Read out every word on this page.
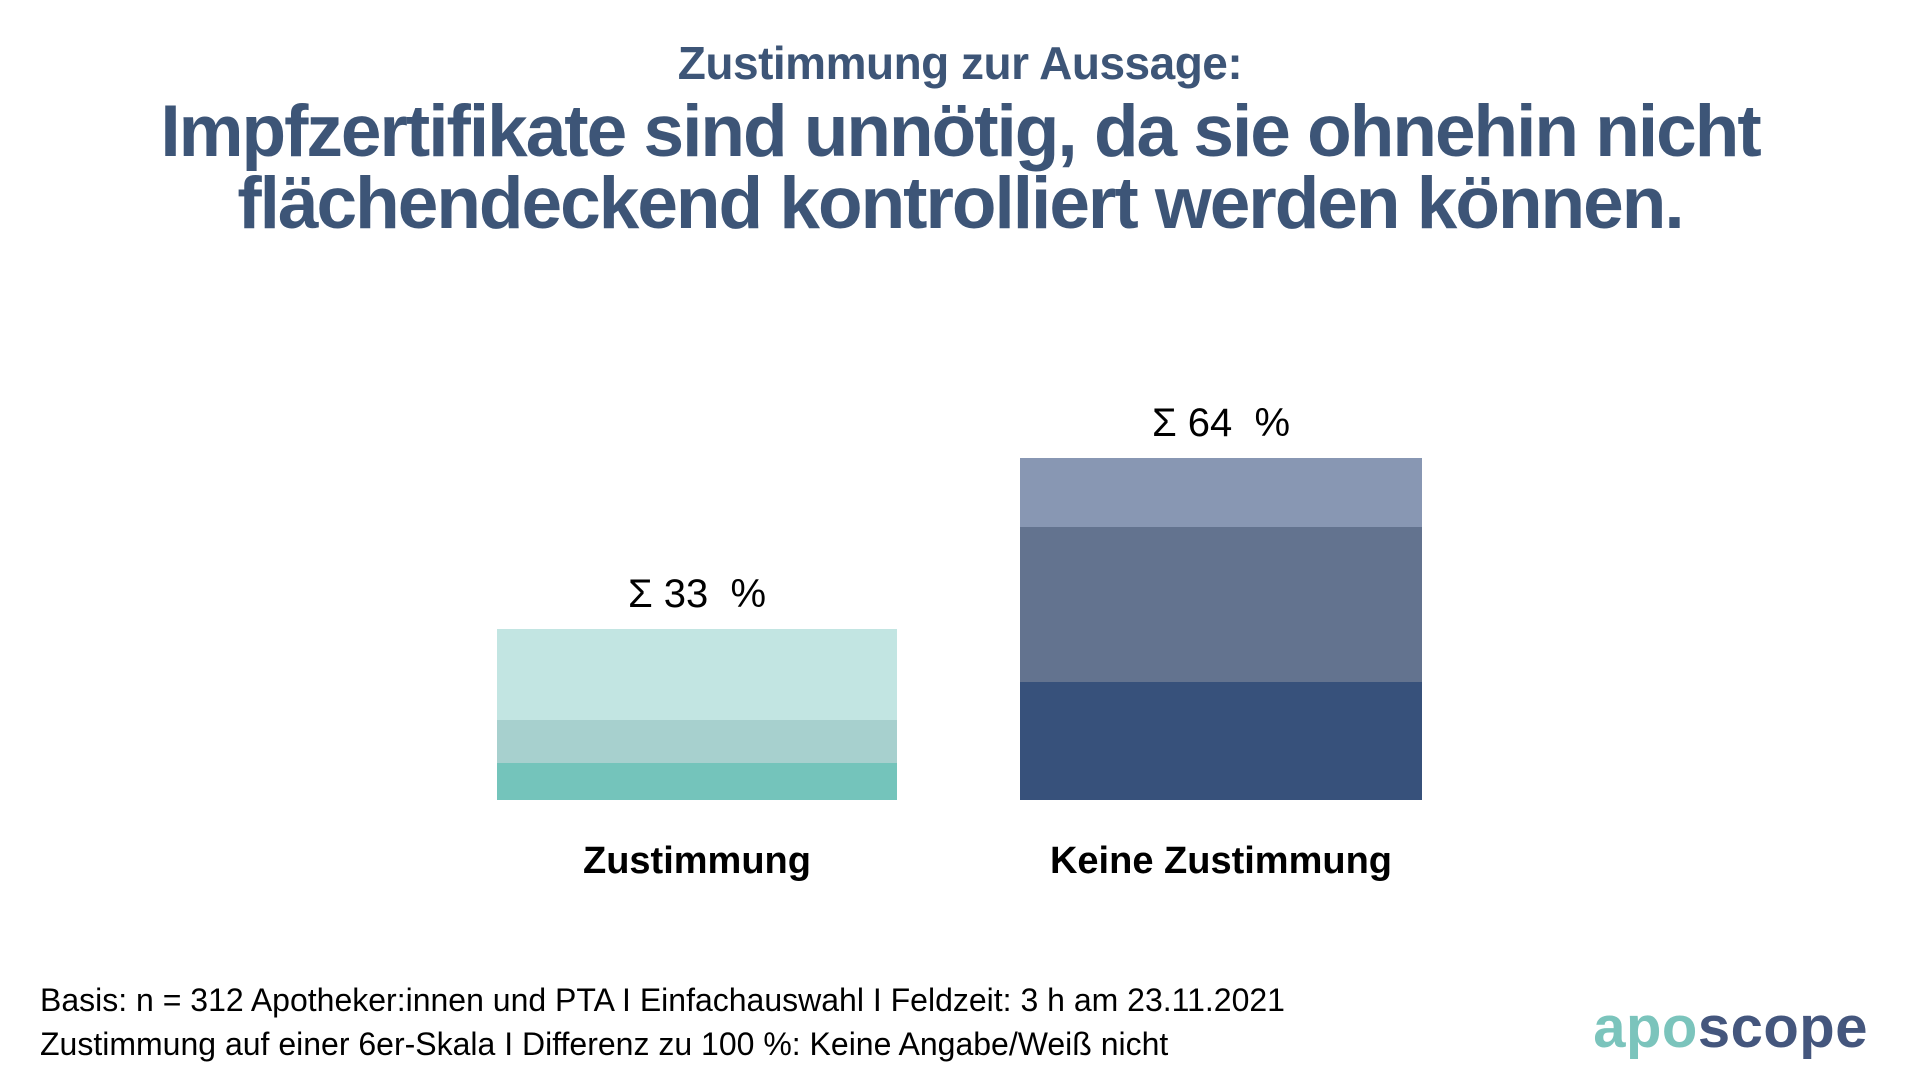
Zustimmung zur Aussage:
Impfzertifikate sind unnötig, da sie ohnehin nicht
flächendeckend kontrolliert werden können.
Σ 33  %
Zustimmung
Σ 64  %
Keine Zustimmung
Basis: n = 312 Apotheker:innen und PTA I Einfachauswahl I Feldzeit: 3 h am 23.11.2021
Zustimmung auf einer 6er-Skala I Differenz zu 100 %: Keine Angabe/Weiß nicht	aposcope
